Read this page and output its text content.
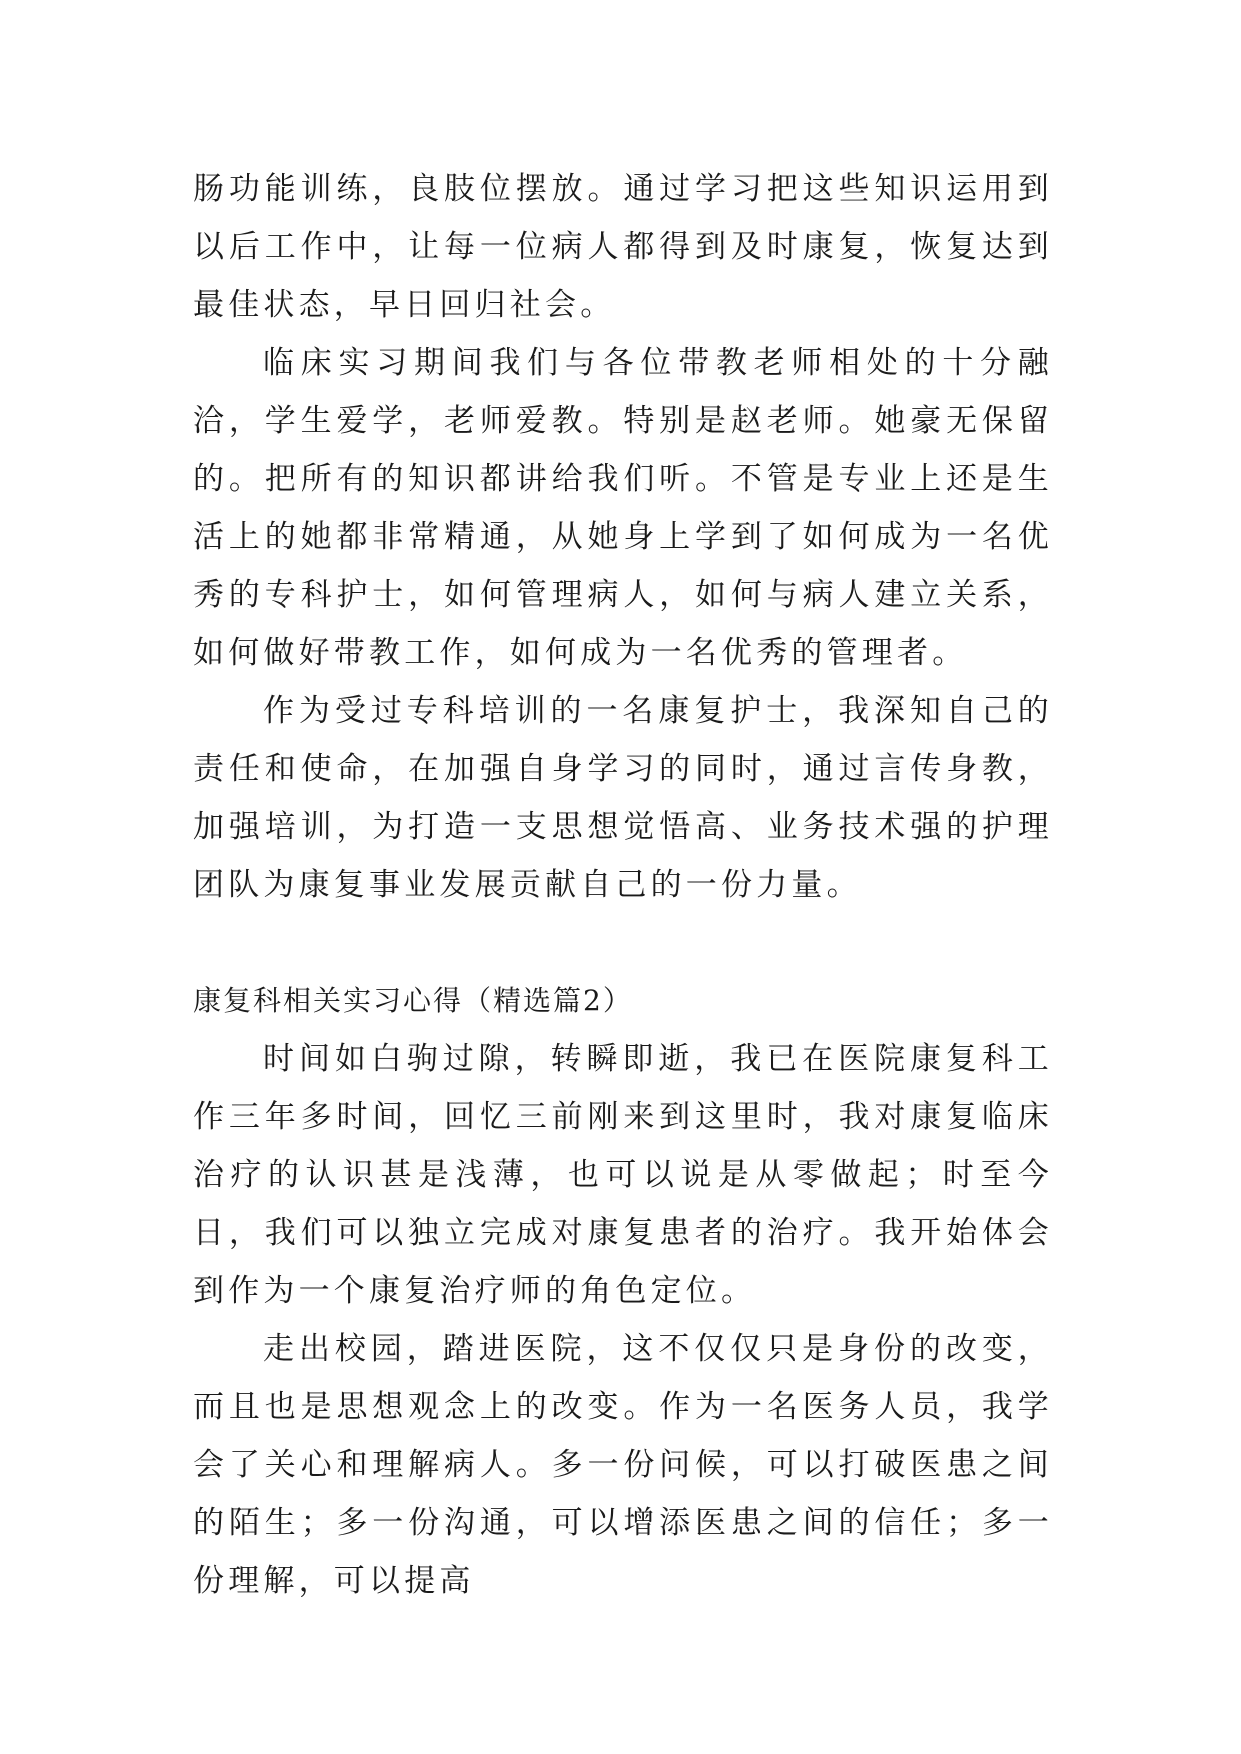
肠功能训练，良肢位摆放。通过学习把这些知识运用到以后工作中，让每一位病人都得到及时康复，恢复达到最佳状态，早日回归社会。

临床实习期间我们与各位带教老师相处的十分融洽，学生爱学，老师爱教。特别是赵老师。她豪无保留的。把所有的知识都讲给我们听。不管是专业上还是生活上的她都非常精通，从她身上学到了如何成为一名优秀的专科护士，如何管理病人，如何与病人建立关系，如何做好带教工作，如何成为一名优秀的管理者。

作为受过专科培训的一名康复护士，我深知自己的责任和使命，在加强自身学习的同时，通过言传身教，加强培训，为打造一支思想觉悟高、业务技术强的护理团队为康复事业发展贡献自己的一份力量。

康复科相关实习心得（精选篇2）

时间如白驹过隙，转瞬即逝，我已在医院康复科工作三年多时间，回忆三前刚来到这里时，我对康复临床治疗的认识甚是浅薄，也可以说是从零做起；时至今日，我们可以独立完成对康复患者的治疗。我开始体会到作为一个康复治疗师的角色定位。

走出校园，踏进医院，这不仅仅只是身份的改变，而且也是思想观念上的改变。作为一名医务人员，我学会了关心和理解病人。多一份问候，可以打破医患之间的陌生；多一份沟通，可以增添医患之间的信任；多一份理解，可以提高
